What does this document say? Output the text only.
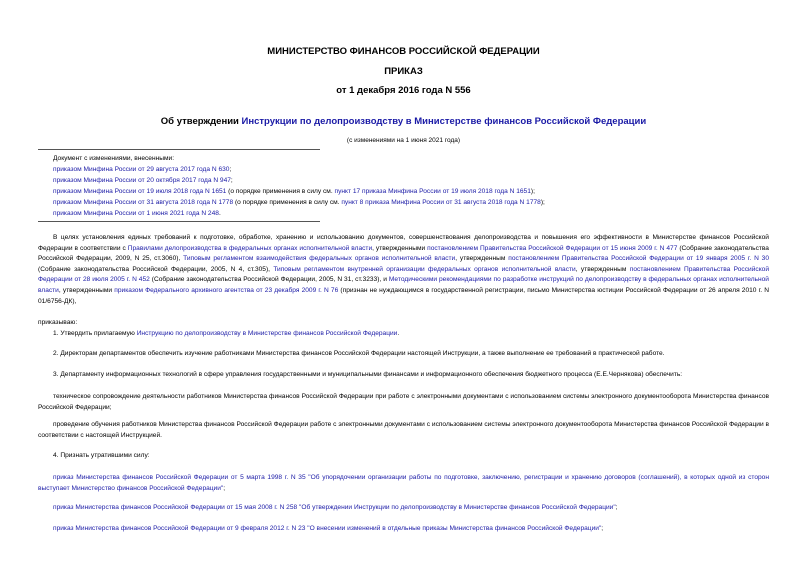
МИНИСТЕРСТВО ФИНАНСОВ РОССИЙСКОЙ ФЕДЕРАЦИИ
ПРИКАЗ
от 1 декабря 2016 года N 556
Об утверждении Инструкции по делопроизводству в Министерстве финансов Российской Федерации
(с изменениями на 1 июня 2021 года)
Документ с изменениями, внесенными:
приказом Минфина России от 29 августа 2017 года N 630;
приказом Минфина России от 20 октября 2017 года N 947;
приказом Минфина России от 19 июля 2018 года N 1651 (о порядке применения в силу см. пункт 17 приказа Минфина России от 19 июля 2018 года N 1651);
приказом Минфина России от 31 августа 2018 года N 1778 (о порядке применения в силу см. пункт 8 приказа Минфина России от 31 августа 2018 года N 1778);
приказом Минфина России от 1 июня 2021 года N 248.
В целях установления единых требований к подготовке, обработке, хранению и использованию документов, совершенствования делопроизводства и повышения его эффективности в Министерстве финансов Российской Федерации в соответствии с Правилами делопроизводства в федеральных органах исполнительной власти, утвержденными постановлением Правительства Российской Федерации от 15 июня 2009 г. N 477 (Собрание законодательства Российской Федерации, 2009, N 25, ст.3060), Типовым регламентом взаимодействия федеральных органов исполнительной власти, утвержденным постановлением Правительства Российской Федерации от 19 января 2005 г. N 30 (Собрание законодательства Российской Федерации, 2005, N 4, ст.305), Типовым регламентом внутренней организации федеральных органов исполнительной власти, утвержденным постановлением Правительства Российской Федерации от 28 июля 2005 г. N 452 (Собрание законодательства Российской Федерации, 2005, N 31, ст.3233), и Методическими рекомендациями по разработке инструкций по делопроизводству в федеральных органах исполнительной власти, утвержденными приказом Федерального архивного агентства от 23 декабря 2009 г. N 76 (признан не нуждающимся в государственной регистрации, письмо Министерства юстиции Российской Федерации от 26 апреля 2010 г. N 01/6756-ДК),
приказываю:
1. Утвердить прилагаемую Инструкцию по делопроизводству в Министерстве финансов Российской Федерации.
2. Директорам департаментов обеспечить изучение работниками Министерства финансов Российской Федерации настоящей Инструкции, а также выполнение ее требований в практической работе.
3. Департаменту информационных технологий в сфере управления государственными и муниципальными финансами и информационного обеспечения бюджетного процесса (Е.Е.Чернякова) обеспечить:
техническое сопровождение деятельности работников Министерства финансов Российской Федерации при работе с электронными документами с использованием системы электронного документооборота Министерства финансов Российской Федерации;
проведение обучения работников Министерства финансов Российской Федерации работе с электронными документами с использованием системы электронного документооборота Министерства финансов Российской Федерации в соответствии с настоящей Инструкцией.
4. Признать утратившими силу:
приказ Министерства финансов Российской Федерации от 5 марта 1998 г. N 35 "Об упорядочении организации работы по подготовке, заключению, регистрации и хранению договоров (соглашений), в которых одной из сторон выступает Министерство финансов Российской Федерации";
приказ Министерства финансов Российской Федерации от 15 мая 2008 г. N 258 "Об утверждении Инструкции по делопроизводству в Министерстве финансов Российской Федерации";
приказ Министерства финансов Российской Федерации от 9 февраля 2012 г. N 23 "О внесении изменений в отдельные приказы Министерства финансов Российской Федерации";
